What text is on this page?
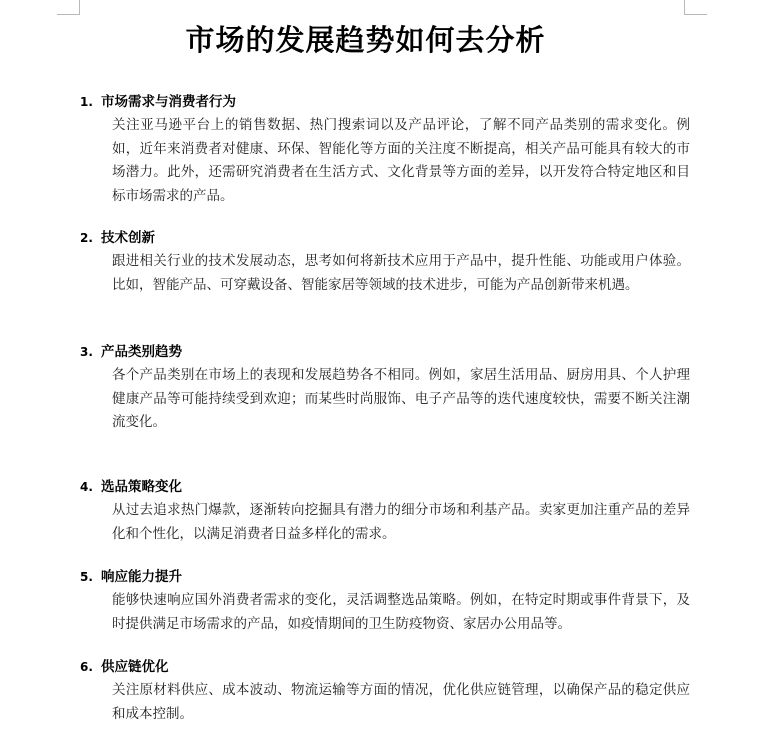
市场的发展趋势如何去分析
1. 市场需求与消费者行为
关注亚马逊平台上的销售数据、热门搜索词以及产品评论，了解不同产品类别的需求变化。例如，近年来消费者对健康、环保、智能化等方面的关注度不断提高，相关产品可能具有较大的市场潜力。此外，还需研究消费者在生活方式、文化背景等方面的差异，以开发符合特定地区和目标市场需求的产品。
2. 技术创新
跟进相关行业的技术发展动态，思考如何将新技术应用于产品中，提升性能、功能或用户体验。比如，智能产品、可穿戴设备、智能家居等领域的技术进步，可能为产品创新带来机遇。
3. 产品类别趋势
各个产品类别在市场上的表现和发展趋势各不相同。例如，家居生活用品、厨房用具、个人护理健康产品等可能持续受到欢迎；而某些时尚服饰、电子产品等的迭代速度较快，需要不断关注潮流变化。
4. 选品策略变化
从过去追求热门爆款，逐渐转向挖掘具有潜力的细分市场和利基产品。卖家更加注重产品的差异化和个性化，以满足消费者日益多样化的需求。
5. 响应能力提升
能够快速响应国外消费者需求的变化，灵活调整选品策略。例如，在特定时期或事件背景下，及时提供满足市场需求的产品，如疫情期间的卫生防疫物资、家居办公用品等。
6. 供应链优化
关注原材料供应、成本波动、物流运输等方面的情况，优化供应链管理，以确保产品的稳定供应和成本控制。
